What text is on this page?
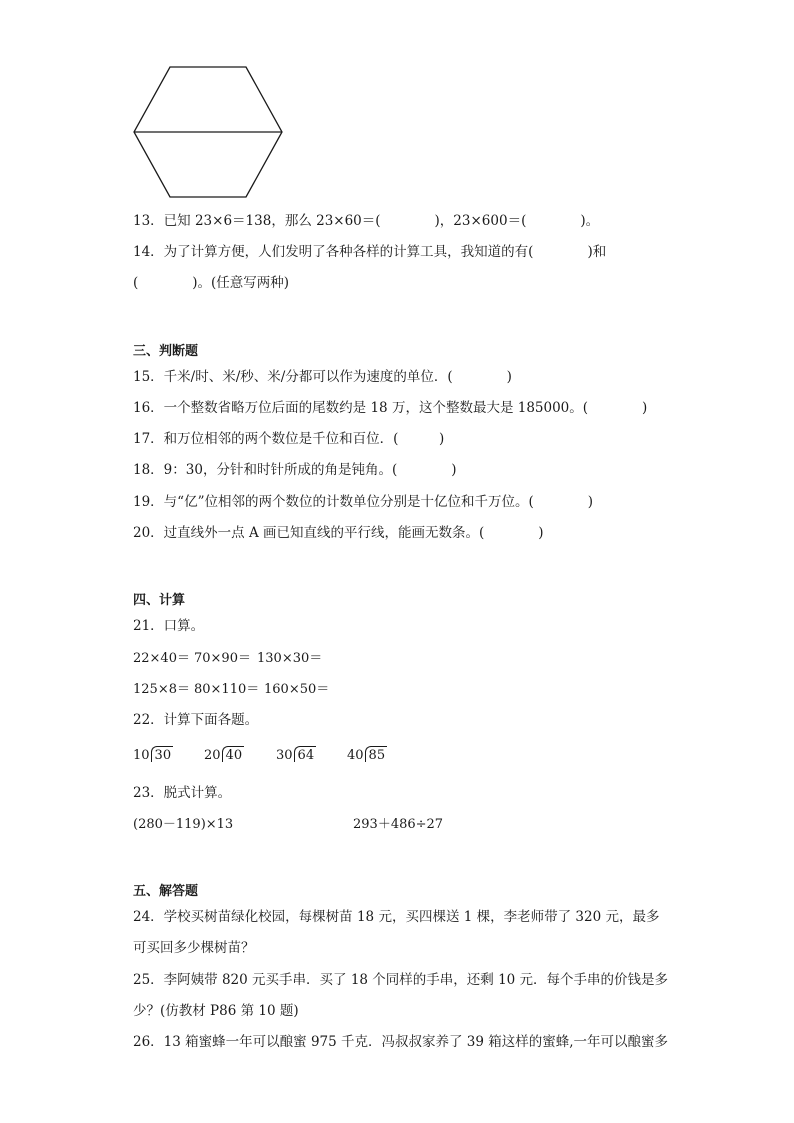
13．已知 23×6＝138，那么 23×60＝(　　　　)，23×600＝(　　　　)。
14．为了计算方便，人们发明了各种各样的计算工具，我知道的有(　　　　)和
(　　　　)。(任意写两种)
三、判断题
15．千米/时、米/秒、米/分都可以作为速度的单位．(　　　　)
16．一个整数省略万位后面的尾数约是 18 万，这个整数最大是 185000。(　　　　)
17．和万位相邻的两个数位是千位和百位．(　　　)
18．9：30，分针和时针所成的角是钝角。(　　　　)
19．与“亿”位相邻的两个数位的计数单位分别是十亿位和千万位。(　　　　)
20．过直线外一点 A 画已知直线的平行线，能画无数条。(　　　　)
四、计算
21．口算。
22×40＝ 70×90＝ 130×30＝
125×8＝ 80×110＝ 160×50＝
22．计算下面各题。
10 30	20 40	30 64	40 85
23．脱式计算。
(280－119)×13	293＋486÷27
五、解答题
24．学校买树苗绿化校园，每棵树苗 18 元，买四棵送 1 棵，李老师带了 320 元，最多
可买回多少棵树苗？
25．李阿姨带 820 元买手串．买了 18 个同样的手串，还剩 10 元．每个手串的价钱是多
少？(仿教材 P86 第 10 题)
26．13 箱蜜蜂一年可以酿蜜 975 千克．冯叔叔家养了 39 箱这样的蜜蜂,一年可以酿蜜多
